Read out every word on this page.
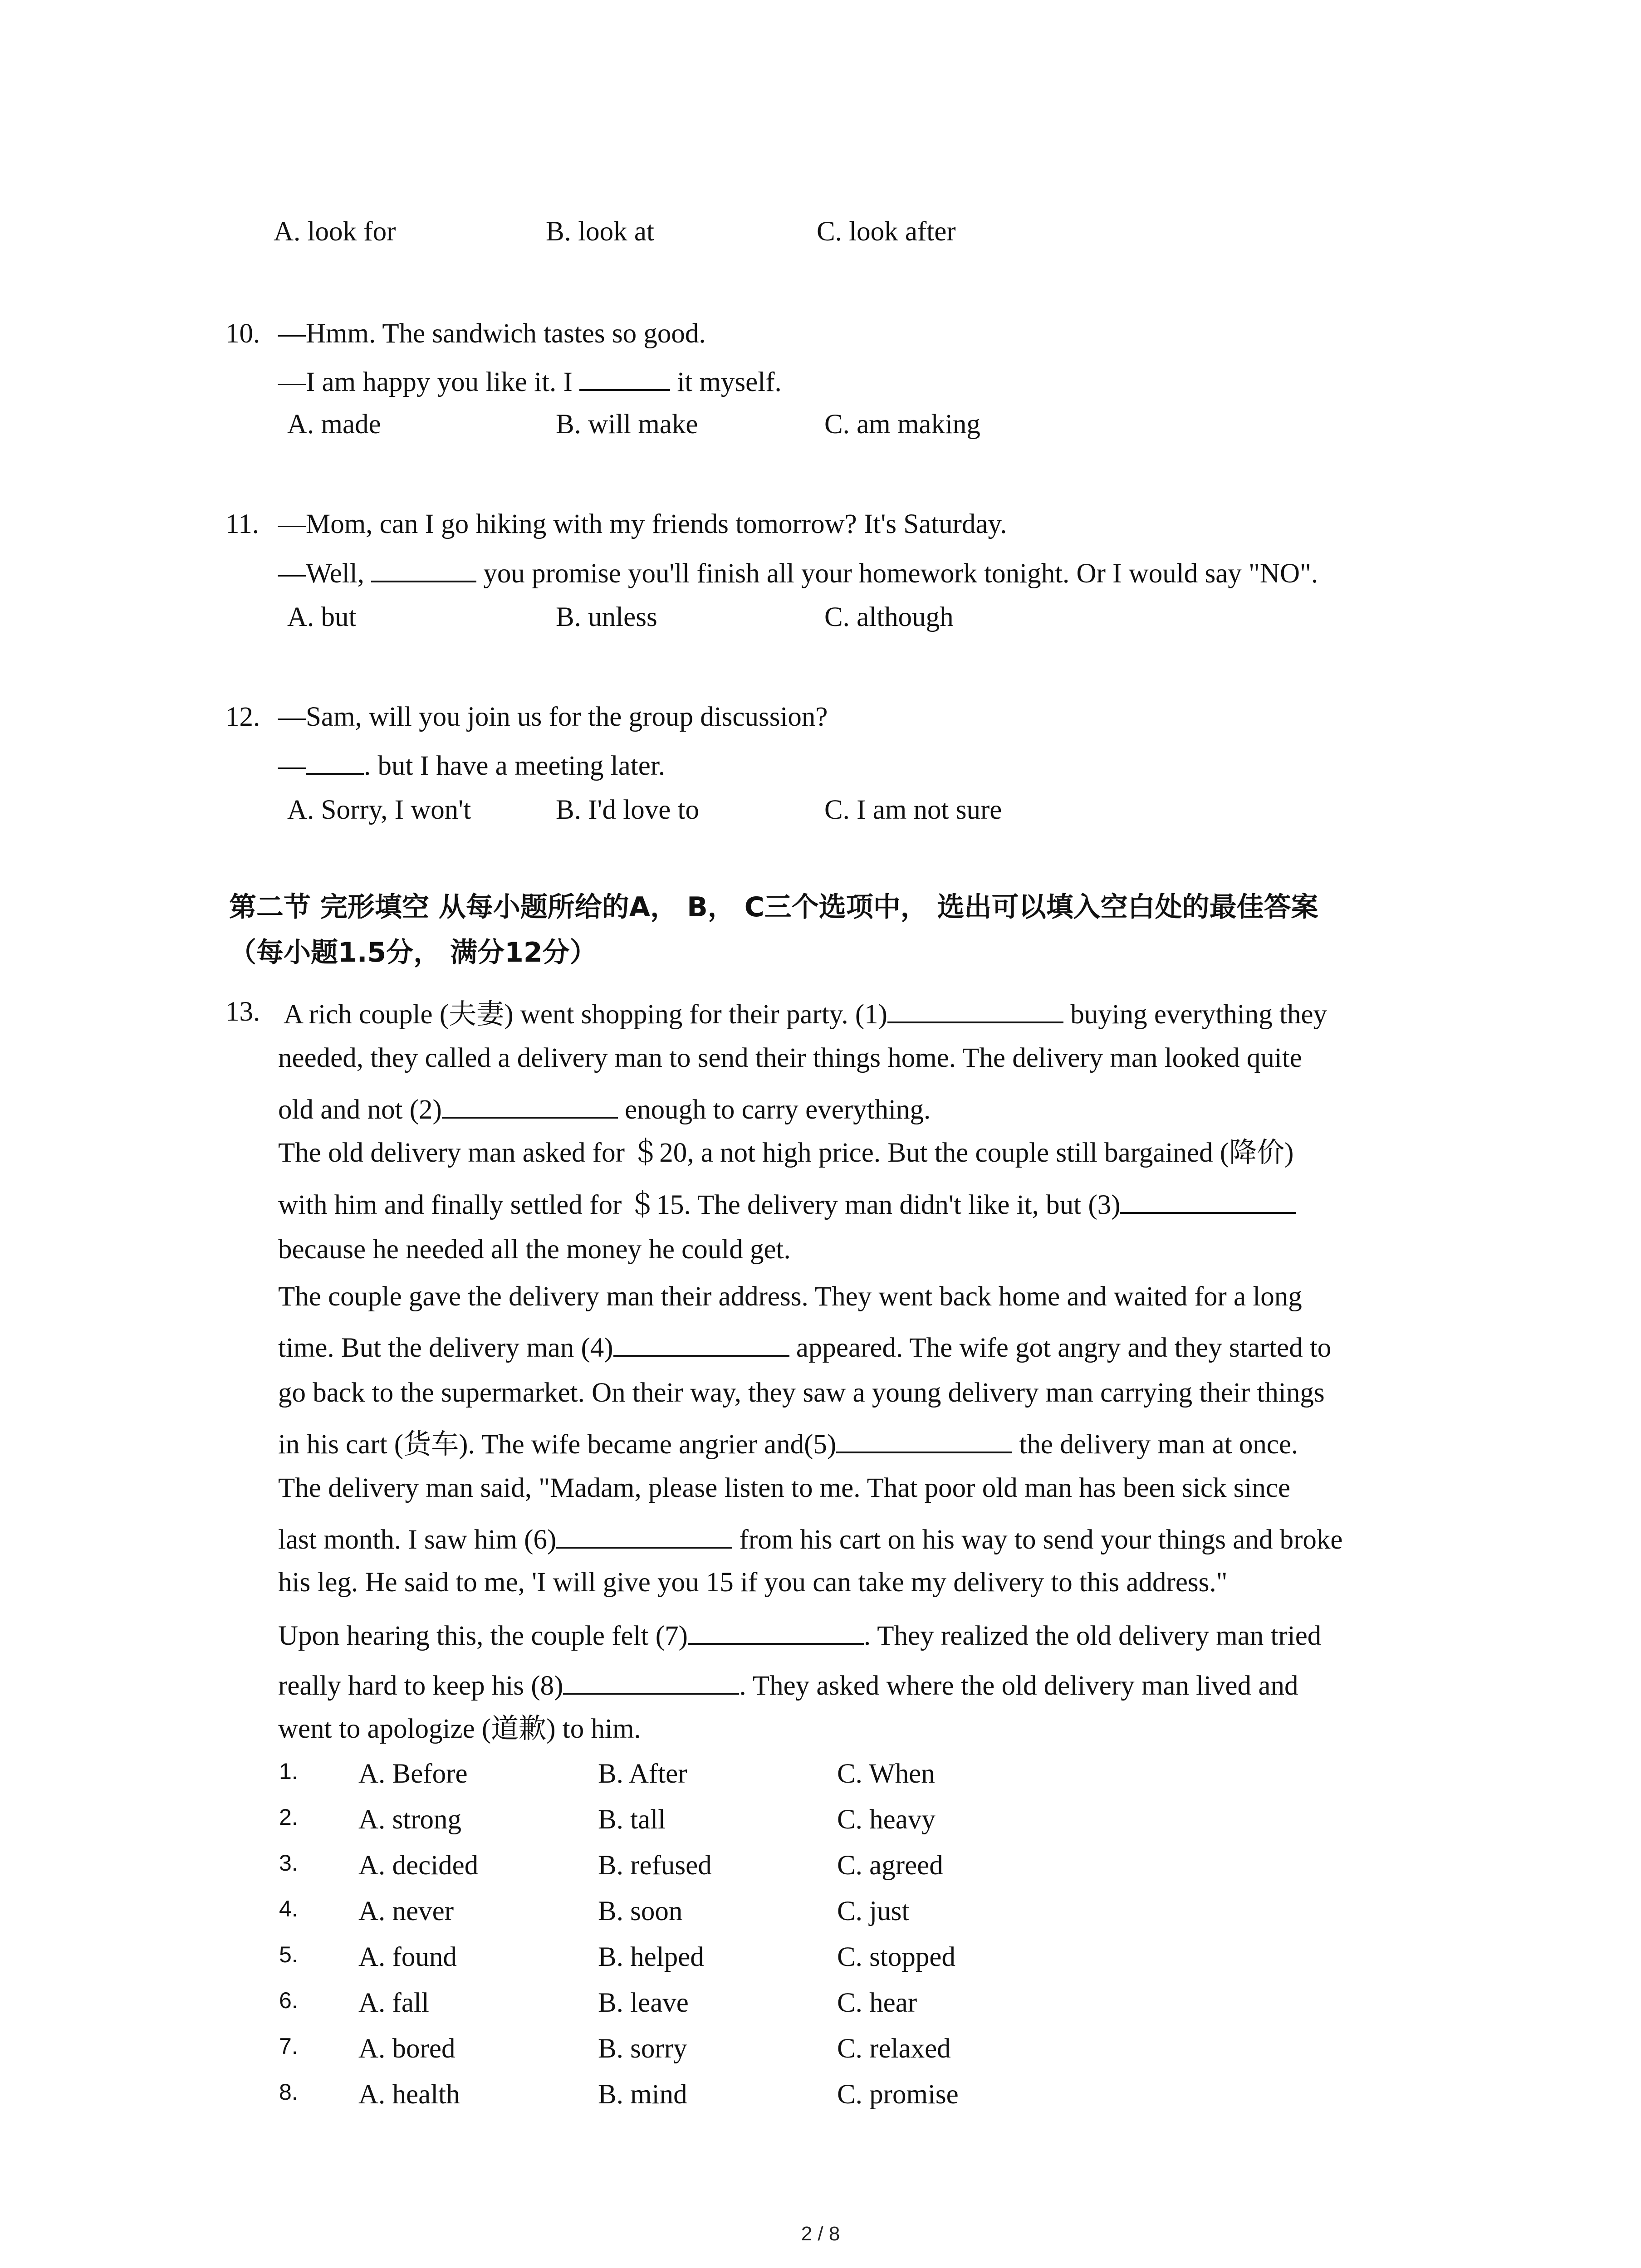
A. look for	B. look at	C. look after
10. —Hmm. The sandwich tastes so good.
—I am happy you like it. I	it myself.
A. made	B. will make	C. am making
11. —Mom, can I go hiking with my friends tomorrow? It's Saturday.
—Well,	you promise you'll finish all your homework tonight. Or I would say "NO".
A. but	B. unless	C. although
12. —Sam, will you join us for the group discussion?
— . but I have a meeting later.
A. Sorry, I won't	B. I'd love to	C. I am not sure
第二节 完形填空 从每小题所给的A， B， C三个选项中， 选出可以填入空白处的最佳答案
（每小题1.5分， 满分12分）
13. A rich couple (夫妻) went shopping for their party. (1)	buying everything they
needed, they called a delivery man to send their things home. The delivery man looked quite
old and not (2)	enough to carry everything.
The old delivery man asked for ＄20, a not high price. But the couple still bargained (降价)
with him and finally settled for ＄15. The delivery man didn't like it, but (3)
because he needed all the money he could get.
The couple gave the delivery man their address. They went back home and waited for a long
time. But the delivery man (4)	appeared. The wife got angry and they started to
go back to the supermarket. On their way, they saw a young delivery man carrying their things
in his cart (货车). The wife became angrier and(5)	the delivery man at once.
The delivery man said, "Madam, please listen to me. That poor old man has been sick since
last month. I saw him (6)	from his cart on his way to send your things and broke
his leg. He said to me, 'I will give you 15 if you can take my delivery to this address."
Upon hearing this, the couple felt (7)	. They realized the old delivery man tried
really hard to keep his (8)	. They asked where the old delivery man lived and
went to apologize (道歉) to him.
1. A. Before	B. After	C. When
2. A. strong	B. tall	C. heavy
3. A. decided	B. refused	C. agreed
4. A. never	B. soon	C. just
5. A. found	B. helped	C. stopped
6. A. fall	B. leave	C. hear
7. A. bored	B. sorry	C. relaxed
8. A. health	B. mind	C. promise
2 / 8
